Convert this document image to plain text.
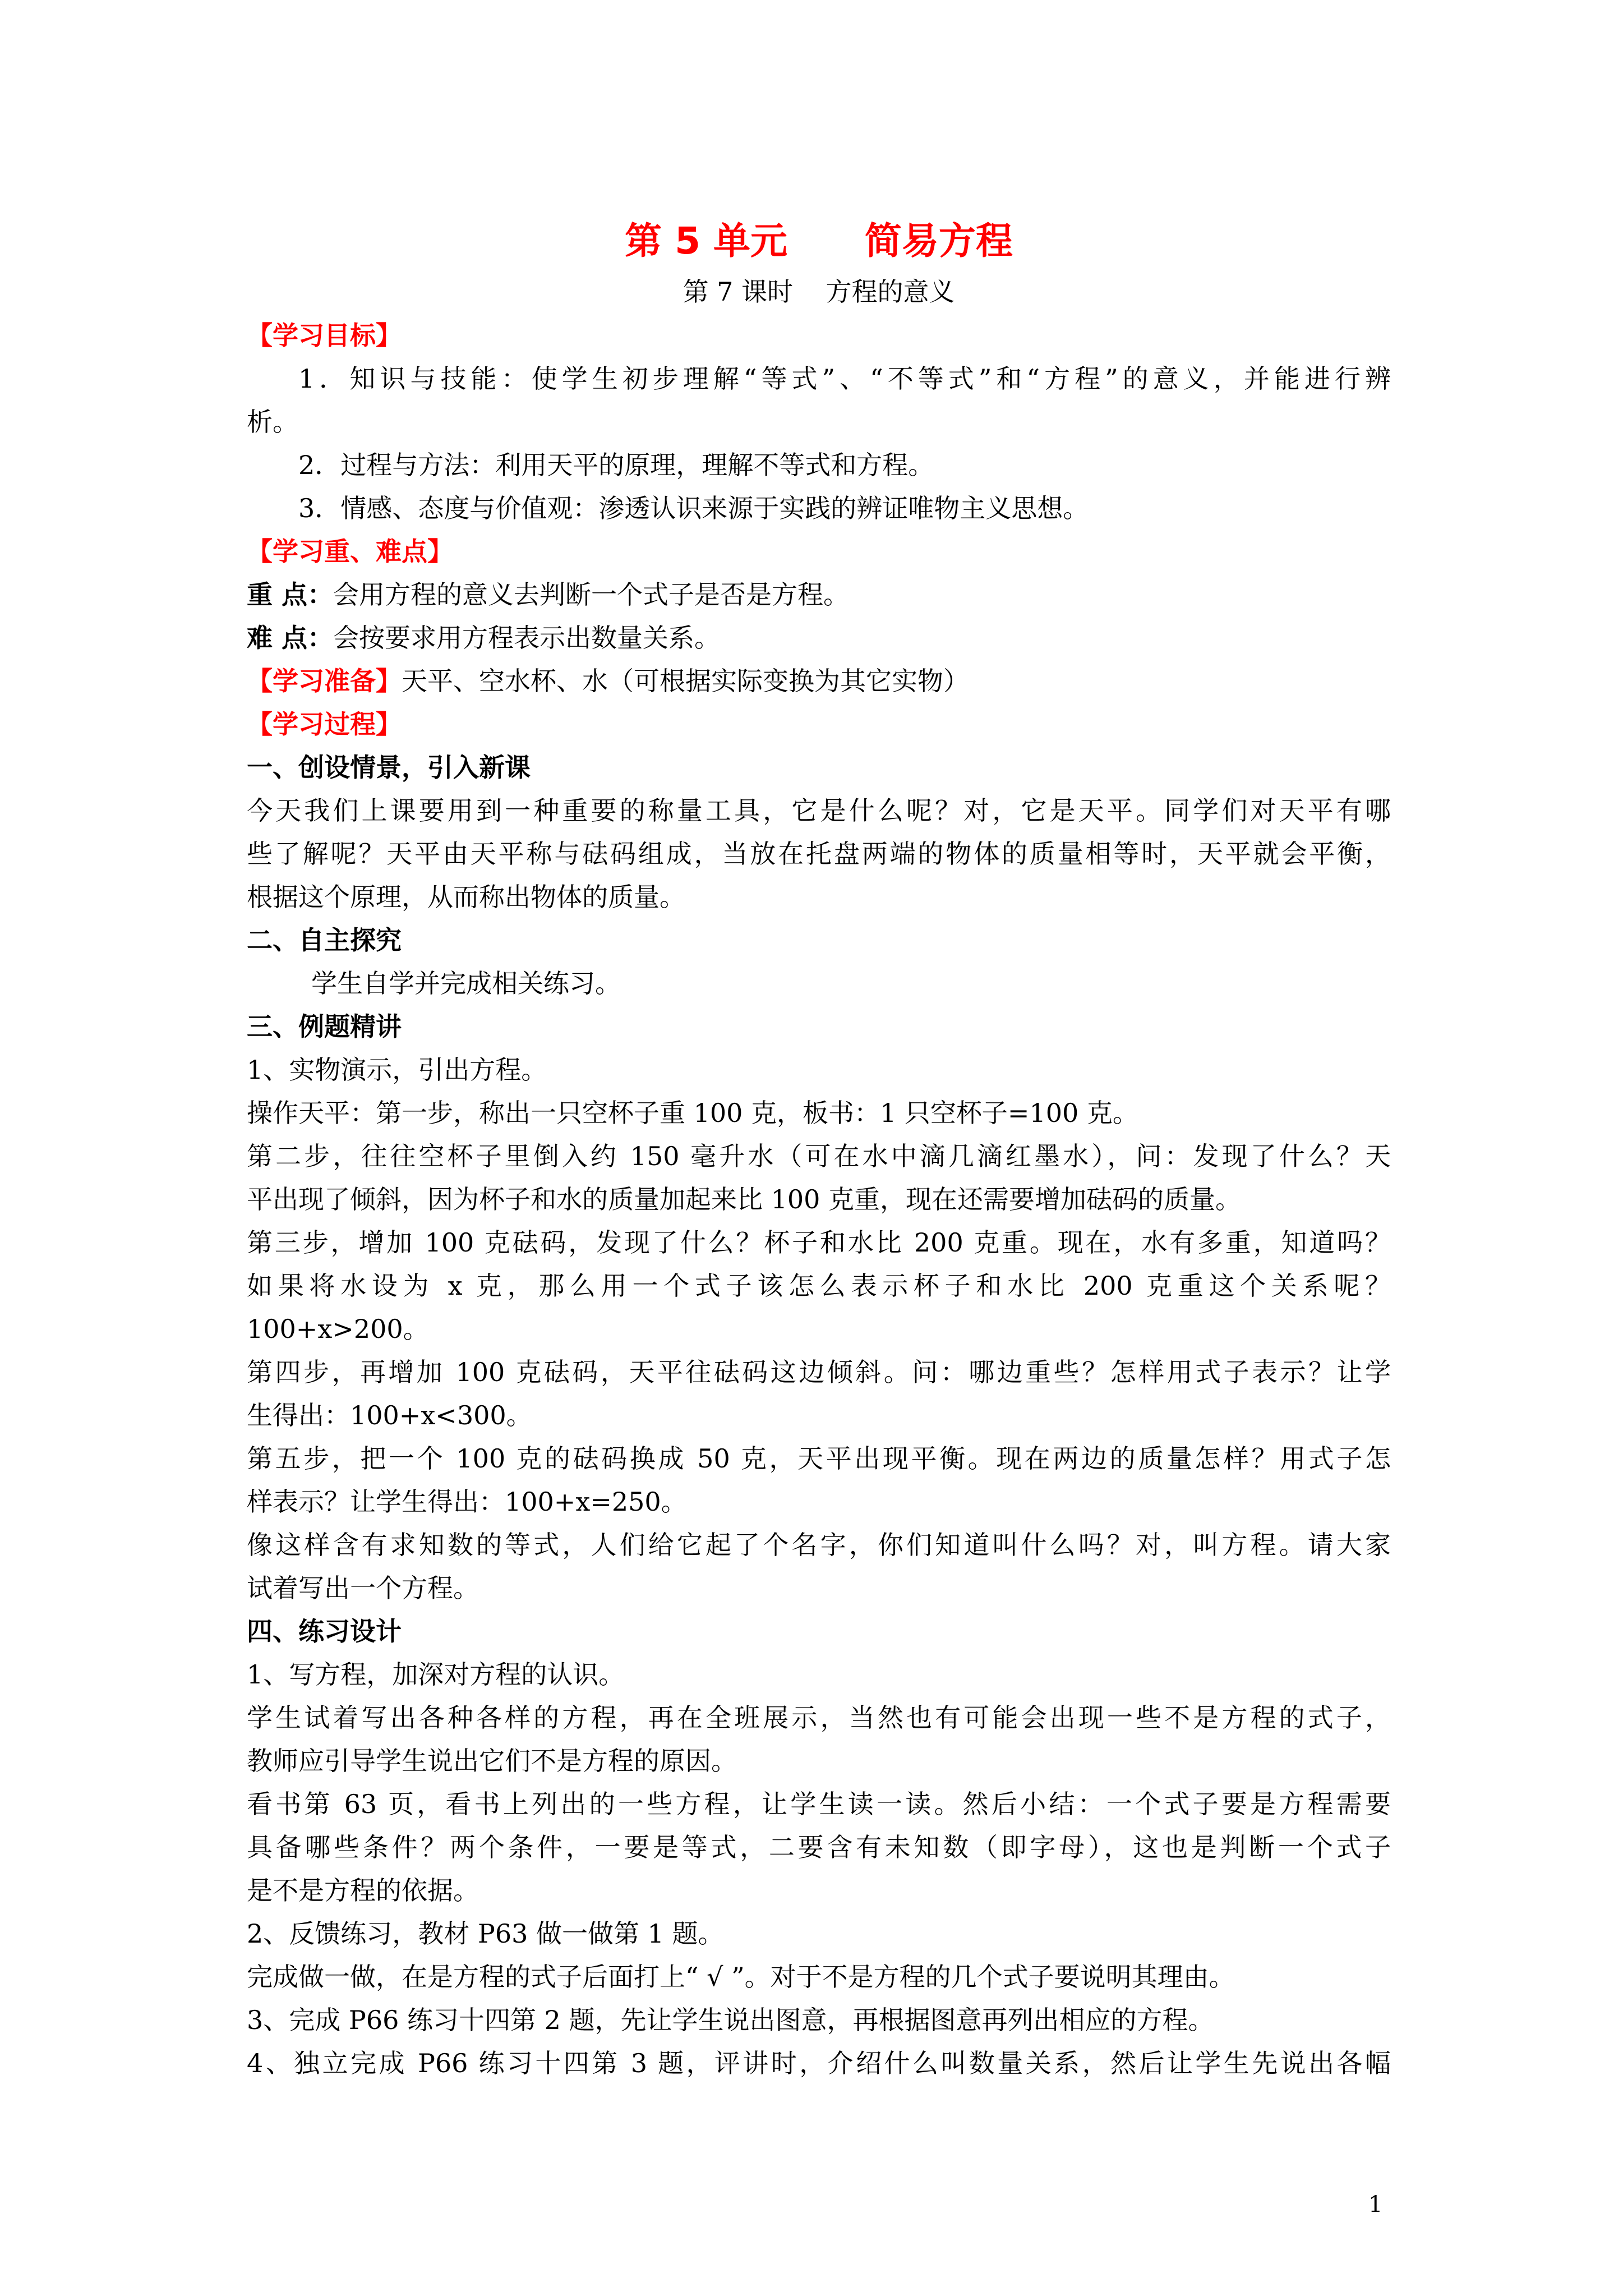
第 5 单元      简易方程

第 7 课时    方程的意义

【学习目标】

1．知识与技能：使学生初步理解“等式”、“不等式”和“方程”的意义，并能进行辨

析。

2．过程与方法：利用天平的原理，理解不等式和方程。

3．情感、态度与价值观：渗透认识来源于实践的辨证唯物主义思想。

【学习重、难点】

重 点：会用方程的意义去判断一个式子是否是方程。

难 点：会按要求用方程表示出数量关系。

【学习准备】天平、空水杯、水（可根据实际变换为其它实物）

【学习过程】

一、创设情景，引入新课

今天我们上课要用到一种重要的称量工具，它是什么呢？对，它是天平。同学们对天平有哪

些了解呢？天平由天平称与砝码组成，当放在托盘两端的物体的质量相等时，天平就会平衡，

根据这个原理，从而称出物体的质量。

二、自主探究

学生自学并完成相关练习。

三、例题精讲

1、实物演示，引出方程。

操作天平：第一步，称出一只空杯子重 100 克，板书：1 只空杯子=100 克。

第二步，往往空杯子里倒入约 150 毫升水（可在水中滴几滴红墨水），问：发现了什么？天

平出现了倾斜，因为杯子和水的质量加起来比 100 克重，现在还需要增加砝码的质量。

第三步，增加 100 克砝码，发现了什么？杯子和水比 200 克重。现在，水有多重，知道吗？

如果将水设为 x 克，那么用一个式子该怎么表示杯子和水比 200 克重这个关系呢？

100+x>200。

第四步，再增加 100 克砝码，天平往砝码这边倾斜。问：哪边重些？怎样用式子表示？让学

生得出：100+x<300。

第五步，把一个 100 克的砝码换成 50 克，天平出现平衡。现在两边的质量怎样？用式子怎

样表示？让学生得出：100+x=250。

像这样含有求知数的等式，人们给它起了个名字，你们知道叫什么吗？对，叫方程。请大家

试着写出一个方程。

四、练习设计

1、写方程，加深对方程的认识。

学生试着写出各种各样的方程，再在全班展示，当然也有可能会出现一些不是方程的式子，

教师应引导学生说出它们不是方程的原因。

看书第 63 页，看书上列出的一些方程，让学生读一读。然后小结：一个式子要是方程需要

具备哪些条件？两个条件，一要是等式，二要含有未知数（即字母），这也是判断一个式子

是不是方程的依据。

2、反馈练习，教材 P63 做一做第 1 题。

完成做一做，在是方程的式子后面打上“ √ ”。对于不是方程的几个式子要说明其理由。

3、完成 P66 练习十四第 2 题，先让学生说出图意，再根据图意再列出相应的方程。

4、独立完成 P66 练习十四第 3 题，评讲时，介绍什么叫数量关系，然后让学生先说出各幅

1
